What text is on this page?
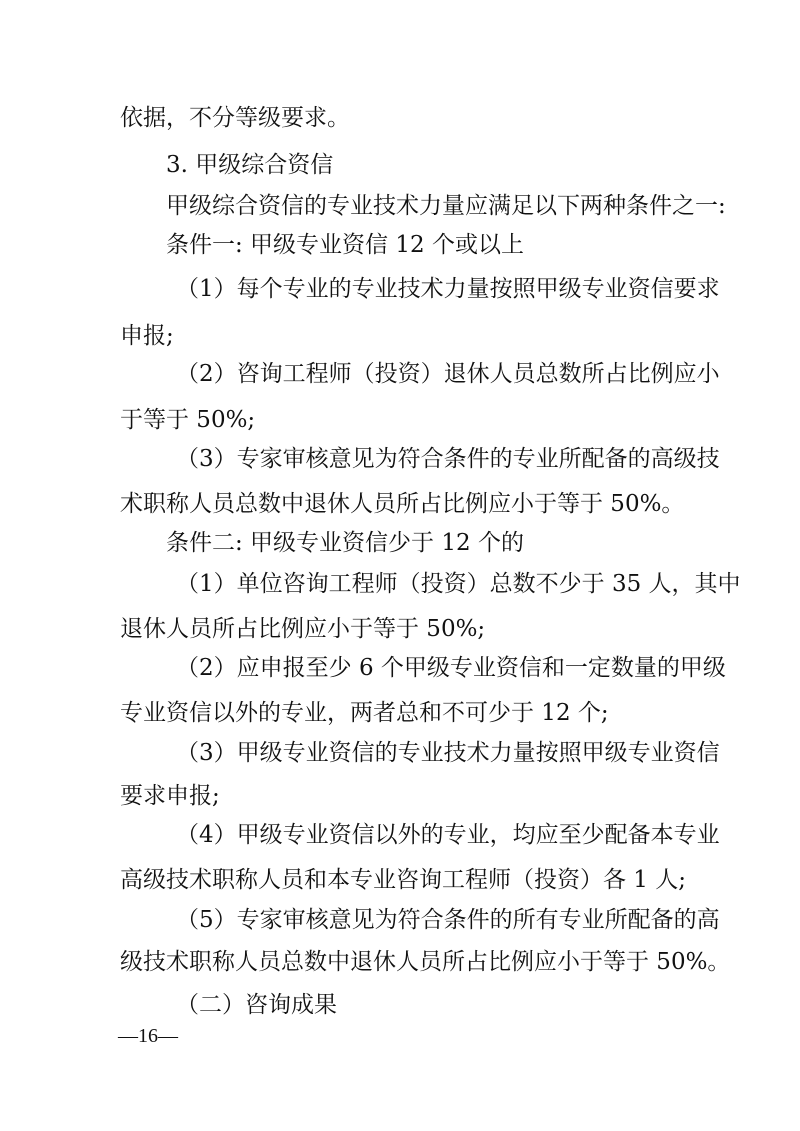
依据，不分等级要求。
3. 甲级综合资信
甲级综合资信的专业技术力量应满足以下两种条件之一:
条件一: 甲级专业资信 12 个或以上
（1）每个专业的专业技术力量按照甲级专业资信要求
申报;
（2）咨询工程师（投资）退休人员总数所占比例应小
于等于 50%;
（3）专家审核意见为符合条件的专业所配备的高级技
术职称人员总数中退休人员所占比例应小于等于 50%。
条件二: 甲级专业资信少于 12 个的
（1）单位咨询工程师（投资）总数不少于 35 人，其中
退休人员所占比例应小于等于 50%;
（2）应申报至少 6 个甲级专业资信和一定数量的甲级
专业资信以外的专业，两者总和不可少于 12 个;
（3）甲级专业资信的专业技术力量按照甲级专业资信
要求申报;
（4）甲级专业资信以外的专业，均应至少配备本专业
高级技术职称人员和本专业咨询工程师（投资）各 1 人;
（5）专家审核意见为符合条件的所有专业所配备的高
级技术职称人员总数中退休人员所占比例应小于等于 50%。
（二）咨询成果
—16—
